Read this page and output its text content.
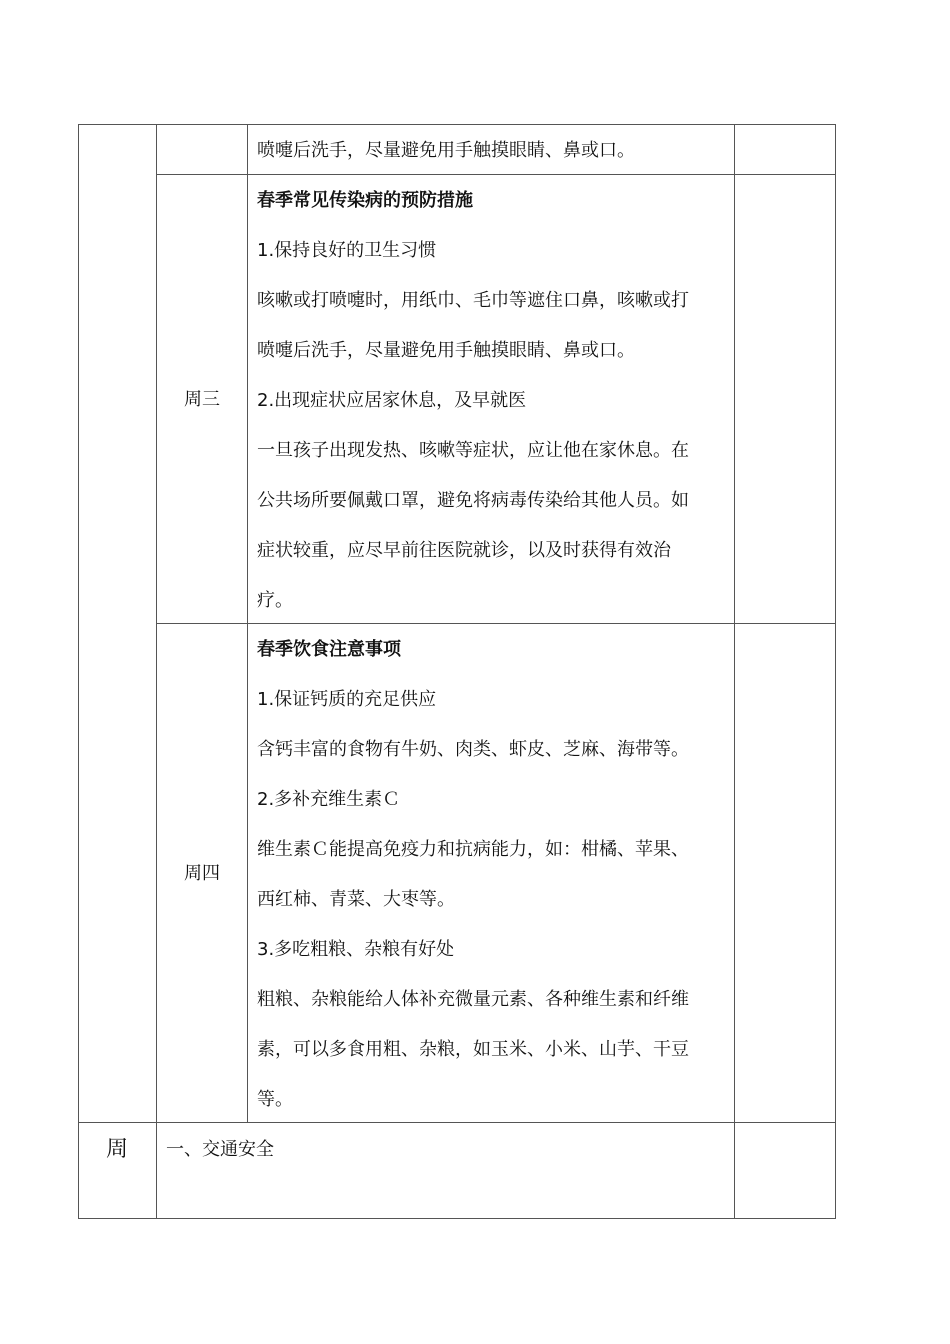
喷嚏后洗手，尽量避免用手触摸眼睛、鼻或口。
周三
春季常见传染病的预防措施
1.保持良好的卫生习惯
咳嗽或打喷嚏时，用纸巾、毛巾等遮住口鼻，咳嗽或打
喷嚏后洗手，尽量避免用手触摸眼睛、鼻或口。
2.出现症状应居家休息，及早就医
一旦孩子出现发热、咳嗽等症状，应让他在家休息。在
公共场所要佩戴口罩，避免将病毒传染给其他人员。如
症状较重，应尽早前往医院就诊，以及时获得有效治
疗。
周四
春季饮食注意事项
1.保证钙质的充足供应
含钙丰富的食物有牛奶、肉类、虾皮、芝麻、海带等。
2.多补充维生素Ｃ
维生素Ｃ能提高免疫力和抗病能力，如：柑橘、苹果、
西红柿、青菜、大枣等。
3.多吃粗粮、杂粮有好处
粗粮、杂粮能给人体补充微量元素、各种维生素和纤维
素，可以多食用粗、杂粮，如玉米、小米、山芋、干豆
等。
周	一、交通安全
